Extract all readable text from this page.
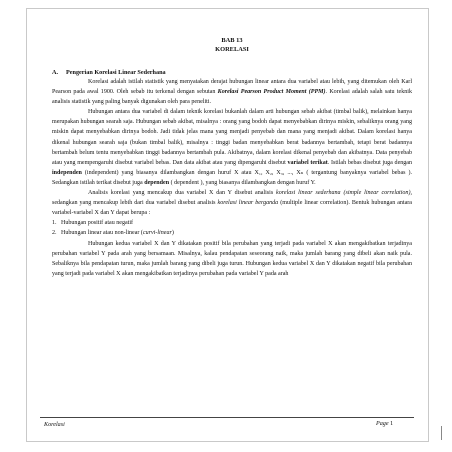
BAB 13
KORELASI
A.	Pengerian Korelasi Linear Sederhana

Korelasi adalah istilah statistik yang menyatakan derajat hubungan linear antara dua variabel atau lebih, yang ditemukan oleh Karl Pearson pada awal 1900. Oleh sebab itu terkenal dengan sebutan Korelasi Pearson Product Moment (PPM). Korelasi adalah salah satu teknik analisis statistik yang paling banyak digunakan oleh para peneliti.

Hubungan antara dua variabel di dalam teknik korelasi bukanlah dalam arti hubungan sebab akibat (timbal balik), melainkan hanya merupakan hubungan searah saja. Hubungan sebab akibat, misalnya : orang yang bodoh dapat menyebabkan dirinya miskin, sebaliknya orang yang miskin dapat menyebabkan dirinya bodoh. Jadi tidak jelas mana yang menjadi penyebab dan mana yang menjadi akibat. Dalam korelasi hanya dikenal hubungan searah saja (bukan timbal balik), misalnya : tinggi badan menyebabkan berat badannya bertambah, tetapi berat badannya bertambah belum tentu menyebabkan tinggi badannya bertambah pula. Akibatnya, dalam korelasi dikenal penyebab dan akibatnya. Data penyebab atau yang mempengaruhi disebut variabel bebas. Dan data akibat atau yang dipengaruhi disebut variabel terikat. Istilah bebas disebut juga dengan independen (independent) yang biasanya dilambangkan dengan huruf X atau X₁, X₂, X₃, ..., Xₙ ( tergantung banyaknya variabel bebas ). Sedangkan istilah terikat disebut juga dependen ( dependent ), yang biasanya dilambangkan dengan huruf Y.

Analisis korelasi yang mencakup dua variabel X dan Y disebut analisis korelasi linear sederhana (simple linear correlation), sedangkan yang mencakup lebih dari dua variabel disebut analisis korelasi linear berganda (multiple linear correlation). Bentuk hubungan antara variabel-variabel X dan Y dapat berupa :

1. Hubungan positif atau negatif
2. Hubungan linear atau non-linear (curvi-linear)

Hubungan kedua variabel X dan Y dikatakan positif bila perubahan yang terjadi pada variabel X akan mengakibatkan terjadinya perubahan variabel Y pada arah yang bersamaan. Misalnya, kalau pendapatan seseorang naik, maka jumlah barang yang dibeli akan naik pula. Sebaliknya bila pendapatan turun, maka jumlah barang yang dibeli juga turun. Hubungan kedua variabel X dan Y dikatakan negatif bila perubahan yang terjadi pada variabel X akan mengakibatkan terjadinya perubahan pada variabel Y pada arah

Korelasi	Page 1
